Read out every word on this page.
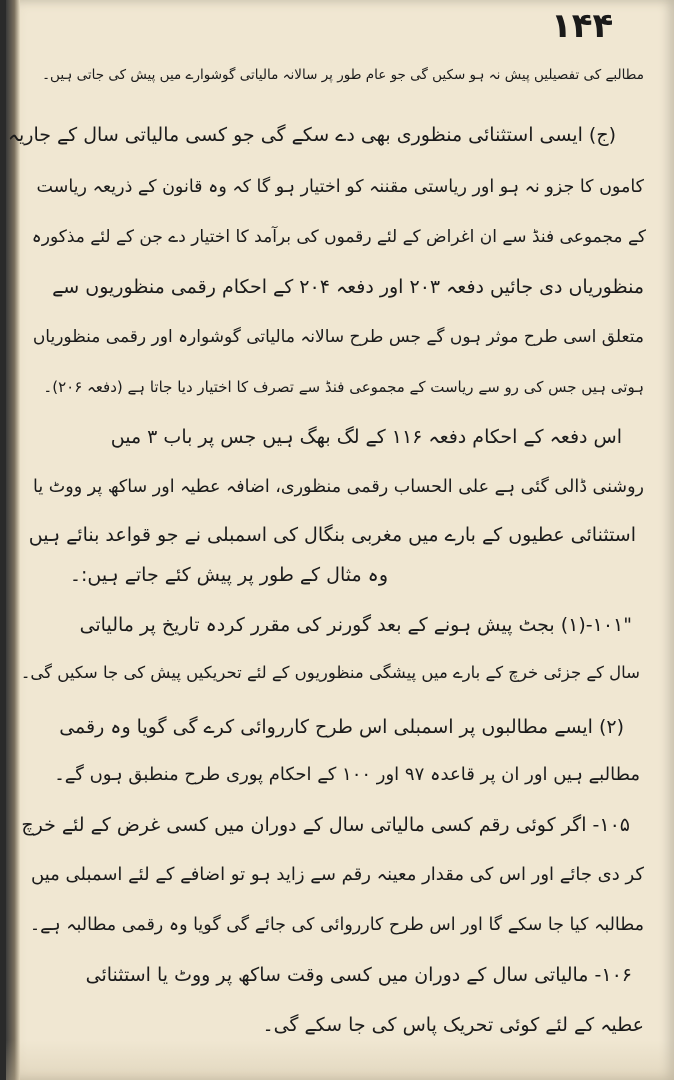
۱۴۴
مطالبے کی تفصیلیں پیش نہ ہو سکیں گی جو عام طور پر سالانہ مالیاتی گوشوارے میں پیش کی جاتی ہیں۔
(ج) ایسی استثنائی منظوری بھی دے سکے گی جو کسی مالیاتی سال کے جاریہ
کاموں کا جزو نہ ہو اور ریاستی مقننہ کو اختیار ہو گا کہ وہ قانون کے ذریعہ ریاست
کے مجموعی فنڈ سے ان اغراض کے لئے رقموں کی برآمد کا اختیار دے جن کے لئے مذکورہ
منظوریاں دی جائیں دفعہ ۲۰۳ اور دفعہ ۲۰۴ کے احکام رقمی منظوریوں سے
متعلق اسی طرح موثر ہوں گے جس طرح سالانہ مالیاتی گوشوارہ اور رقمی منظوریاں
ہوتی ہیں جس کی رو سے ریاست کے مجموعی فنڈ سے تصرف کا اختیار دیا جاتا ہے (دفعہ ۲۰۶)۔
اس دفعہ کے احکام دفعہ ۱۱۶ کے لگ بھگ ہیں جس پر باب ۳ میں
روشنی ڈالی گئی ہے علی الحساب رقمی منظوری، اضافہ عطیہ اور ساکھ پر ووٹ یا
استثنائی عطیوں کے بارے میں مغربی بنگال کی اسمبلی نے جو قواعد بنائے ہیں
وہ مثال کے طور پر پیش کئے جاتے ہیں:۔
"۱۰۱-(۱) بجٹ پیش ہونے کے بعد گورنر کی مقرر کردہ تاریخ پر مالیاتی
سال کے جزئی خرچ کے بارے میں پیشگی منظوریوں کے لئے تحریکیں پیش کی جا سکیں گی۔
(۲) ایسے مطالبوں پر اسمبلی اس طرح کارروائی کرے گی گویا وہ رقمی
مطالبے ہیں اور ان پر قاعدہ ۹۷ اور ۱۰۰ کے احکام پوری طرح منطبق ہوں گے۔
۱۰۵- اگر کوئی رقم کسی مالیاتی سال کے دوران میں کسی غرض کے لئے خرچ
کر دی جائے اور اس کی مقدار معینہ رقم سے زاید ہو تو اضافے کے لئے اسمبلی میں
مطالبہ کیا جا سکے گا اور اس طرح کارروائی کی جائے گی گویا وہ رقمی مطالبہ ہے۔
۱۰۶- مالیاتی سال کے دوران میں کسی وقت ساکھ پر ووٹ یا استثنائی
عطیہ کے لئے کوئی تحریک پاس کی جا سکے گی۔
